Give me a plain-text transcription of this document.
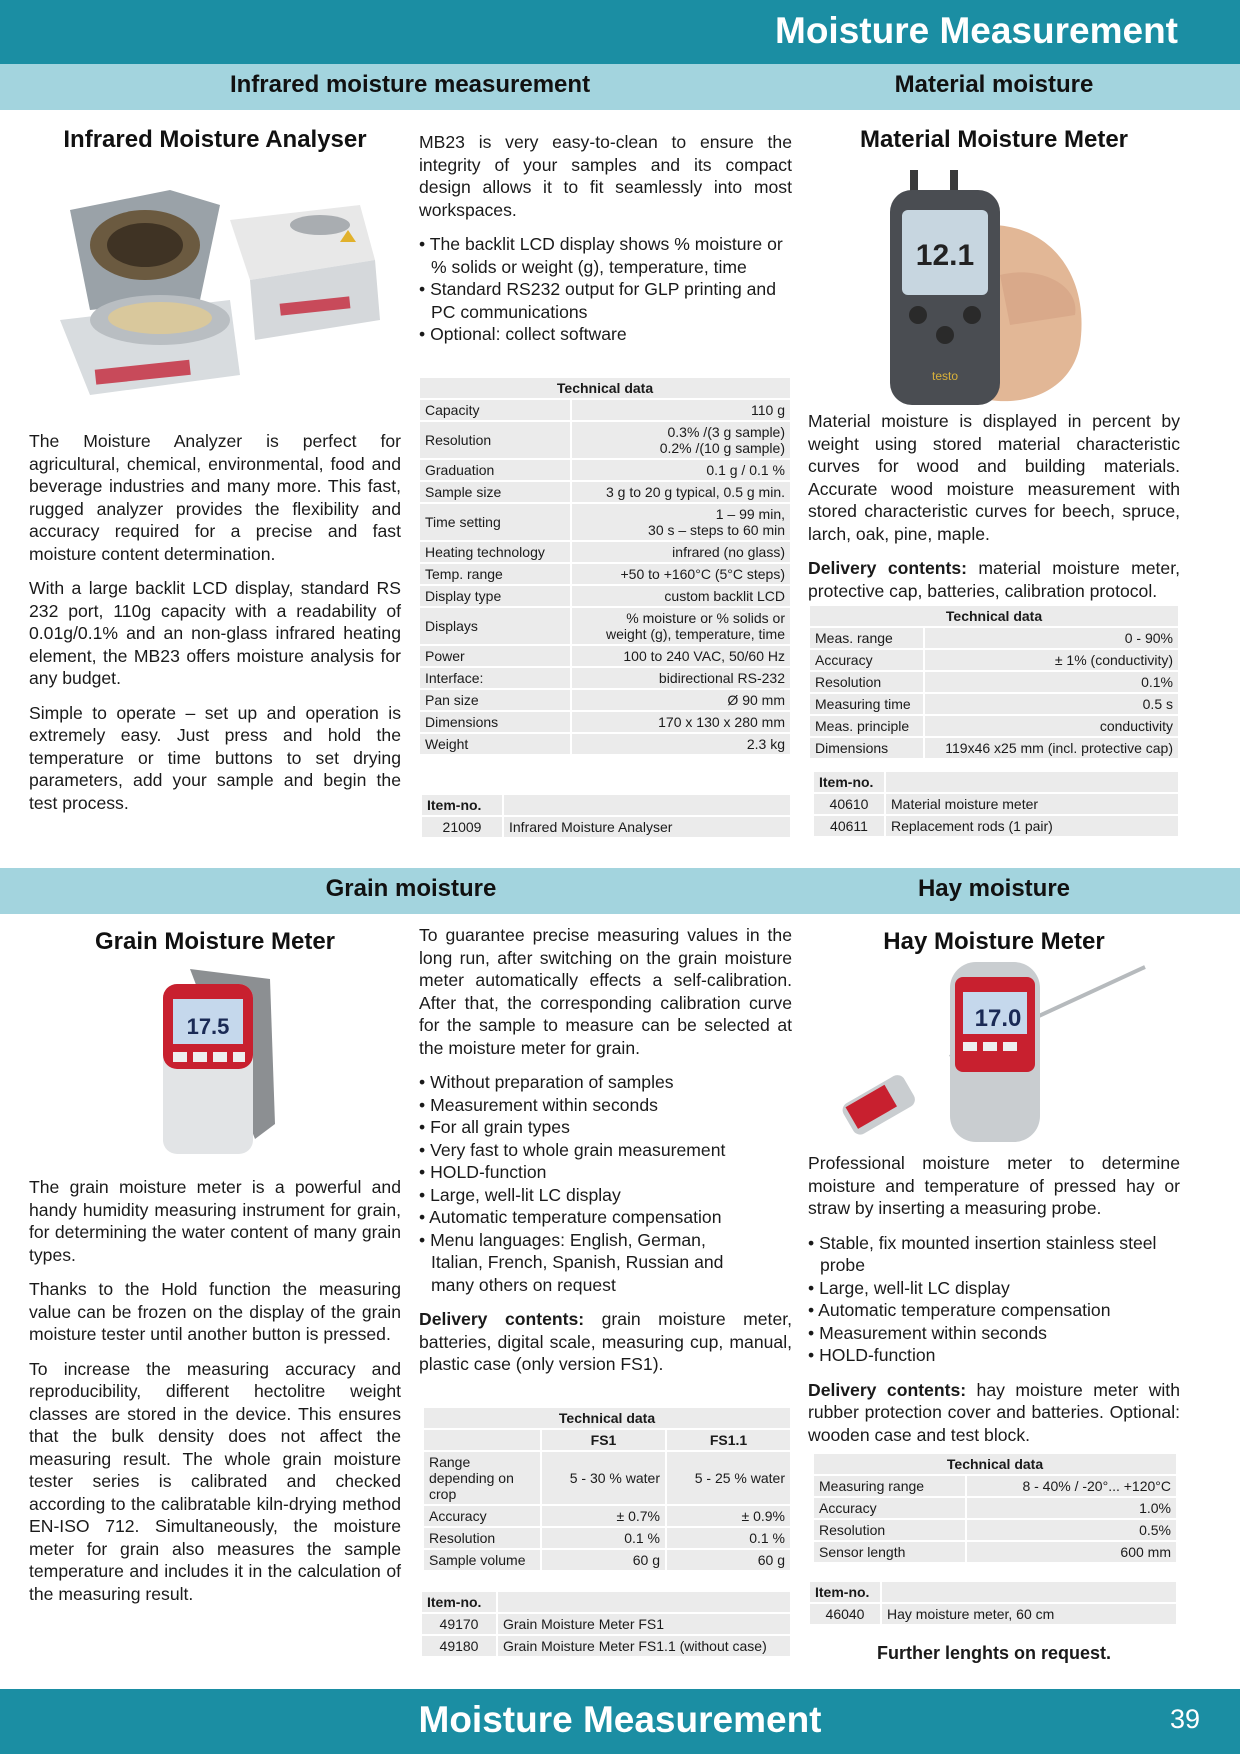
Moisture Measurement
Infrared moisture measurement	Material moisture
Infrared Moisture Analyser

The Moisture Analyzer is perfect for agricultural, chemical, environmental, food and beverage industries and many more. This fast, rugged analyzer provides the flexibility and accuracy required for a precise and fast moisture content determination.

With a large backlit LCD display, standard RS 232 port, 110g capacity with a readability of 0.01g/0.1% and an non-glass infrared heating element, the MB23 offers moisture analysis for any budget.

Simple to operate – set up and operation is extremely easy. Just press and hold the temperature or time buttons to set drying parameters, add your sample and begin the test process.

MB23 is very easy-to-clean to ensure the integrity of your samples and its compact design allows it to fit seamlessly into most workspaces.

• The backlit LCD display shows % moisture or % solids or weight (g), temperature, time
• Standard RS232 output for GLP printing and PC communications
• Optional: collect software
Technical data	
Capacity	110 g
Resolution	0.3% /(3 g sample)
0.2% /(10 g sample)
Graduation	0.1 g / 0.1 %
Sample size	3 g to 20 g typical, 0.5 g min.
Time setting	1 – 99 min,
30 s – steps to 60 min
Heating technology	infrared (no glass)
Temp. range	+50 to +160°C (5°C steps)
Display type	custom backlit LCD
Displays	% moisture or % solids or
weight (g), temperature, time
Power	100 to 240 VAC, 50/60 Hz
Interface:	bidirectional RS-232
Pan size	Ø 90 mm
Dimensions	170 x 130 x 280 mm
Weight	2.3 kg
Item-no.	
21009	Infrared Moisture Analyser
Material Moisture Meter
12.1
testo

Material moisture is displayed in percent by weight using stored material characteristic curves for wood and building materials. Accurate wood moisture measurement with stored characteristic curves for beech, spruce, larch, oak, pine, maple.

Delivery contents: material moisture meter, protective cap, batteries, calibration protocol.

Technical data	
Meas. range	0 - 90%
Accuracy	± 1% (conductivity)
Resolution	0.1%
Measuring time	0.5 s
Meas. principle	conductivity
Dimensions	119x46 x25 mm (incl. protective cap)
Item-no.	
40610	Material moisture meter
40611	Replacement rods (1 pair)
Grain moisture	Hay moisture
Grain Moisture Meter
17.5

The grain moisture meter is a powerful and handy humidity measuring instrument for grain, for determining the water content of many grain types.

Thanks to the Hold function the measuring value can be frozen on the display of the grain moisture tester until another button is pressed.

To increase the measuring accuracy and reproducibility, different hectolitre weight classes are stored in the device. This ensures that the bulk density does not affect the measuring result. The whole grain moisture tester series is calibrated and checked according to the calibratable kiln-drying method EN-ISO 712. Simultaneously, the moisture meter for grain also measures the sample temperature and includes it in the calculation of the measuring result.

To guarantee precise measuring values in the long run, after switching on the grain moisture meter automatically effects a self-calibration. After that, the corresponding calibration curve for the sample to measure can be selected at the moisture meter for grain.

• Without preparation of samples
• Measurement within seconds
• For all grain types
• Very fast to whole grain measurement
• HOLD-function
• Large, well-lit LC display
• Automatic temperature compensation
• Menu languages: English, German, Italian, French, Spanish, Russian and many others on request

Delivery contents: grain moisture meter, batteries, digital scale, measuring cup, manual, plastic case (only version FS1).

Technical data		
	FS1	FS1.1
Range depending on crop	5 - 30 % water	5 - 25 % water
Accuracy	± 0.7%	± 0.9%
Resolution	0.1 %	0.1 %
Sample volume	60 g	60 g
Item-no.	
49170	Grain Moisture Meter FS1
49180	Grain Moisture Meter FS1.1 (without case)
Hay Moisture Meter
17.0

Professional moisture meter to determine moisture and temperature of pressed hay or straw by inserting a measuring probe.

• Stable, fix mounted insertion stainless steel probe
• Large, well-lit LC display
• Automatic temperature compensation
• Measurement within seconds
• HOLD-function

Delivery contents: hay moisture meter with rubber protection cover and batteries. Optional: wooden case and test block.

Technical data	
Measuring range	8 - 40% / -20°... +120°C
Accuracy	1.0%
Resolution	0.5%
Sensor length	600 mm
Item-no.	
46040	Hay moisture meter, 60 cm
Further lenghts on request.
Moisture Measurement	39
